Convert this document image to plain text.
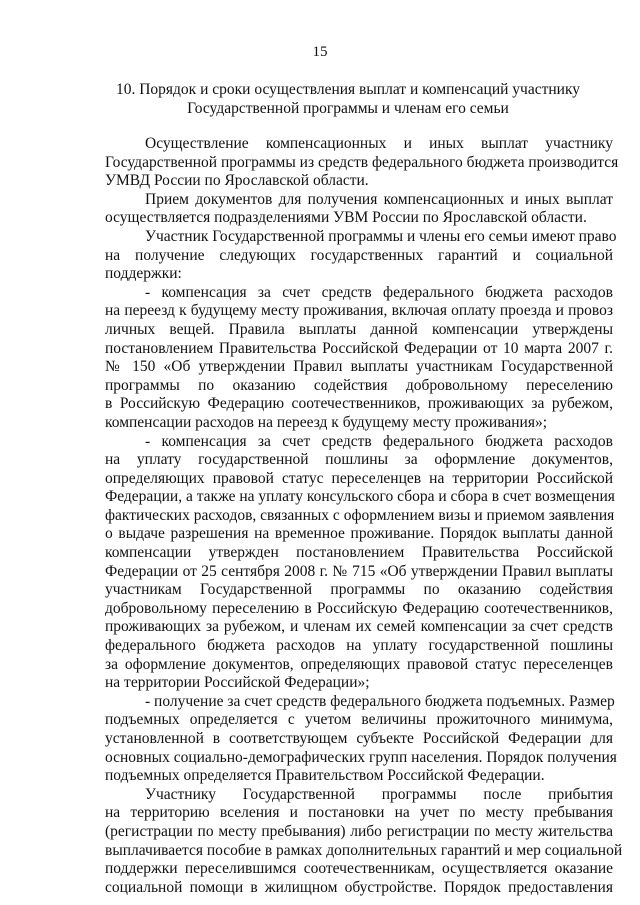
15
10. Порядок и сроки осуществления выплат и компенсаций участнику
Государственной программы и членам его семьи

Осуществление компенсационных и иных выплат участнику
Государственной программы из средств федерального бюджета производится
УМВД России по Ярославской области.

Прием документов для получения компенсационных и иных выплат
осуществляется подразделениями УВМ России по Ярославской области.

Участник Государственной программы и члены его семьи имеют право
на получение следующих государственных гарантий и социальной
поддержки:

- компенсация за счет средств федерального бюджета расходов
на переезд к будущему месту проживания, включая оплату проезда и провоз
личных вещей. Правила выплаты данной компенсации утверждены
постановлением Правительства Российской Федерации от 10 марта 2007 г.
№ 150 «Об утверждении Правил выплаты участникам Государственной
программы по оказанию содействия добровольному переселению
в Российскую Федерацию соотечественников, проживающих за рубежом,
компенсации расходов на переезд к будущему месту проживания»;

- компенсация за счет средств федерального бюджета расходов
на уплату государственной пошлины за оформление документов,
определяющих правовой статус переселенцев на территории Российской
Федерации, а также на уплату консульского сбора и сбора в счет возмещения
фактических расходов, связанных с оформлением визы и приемом заявления
о выдаче разрешения на временное проживание. Порядок выплаты данной
компенсации утвержден постановлением Правительства Российской
Федерации от 25 сентября 2008 г. № 715 «Об утверждении Правил выплаты
участникам Государственной программы по оказанию содействия
добровольному переселению в Российскую Федерацию соотечественников,
проживающих за рубежом, и членам их семей компенсации за счет средств
федерального бюджета расходов на уплату государственной пошлины
за оформление документов, определяющих правовой статус переселенцев
на территории Российской Федерации»;

- получение за счет средств федерального бюджета подъемных. Размер
подъемных определяется с учетом величины прожиточного минимума,
установленной в соответствующем субъекте Российской Федерации для
основных социально-демографических групп населения. Порядок получения
подъемных определяется Правительством Российской Федерации.

Участнику Государственной программы после прибытия
на территорию вселения и постановки на учет по месту пребывания
(регистрации по месту пребывания) либо регистрации по месту жительства
выплачивается пособие в рамках дополнительных гарантий и мер социальной
поддержки переселившимся соотечественникам, осуществляется оказание
социальной помощи в жилищном обустройстве. Порядок предоставления
